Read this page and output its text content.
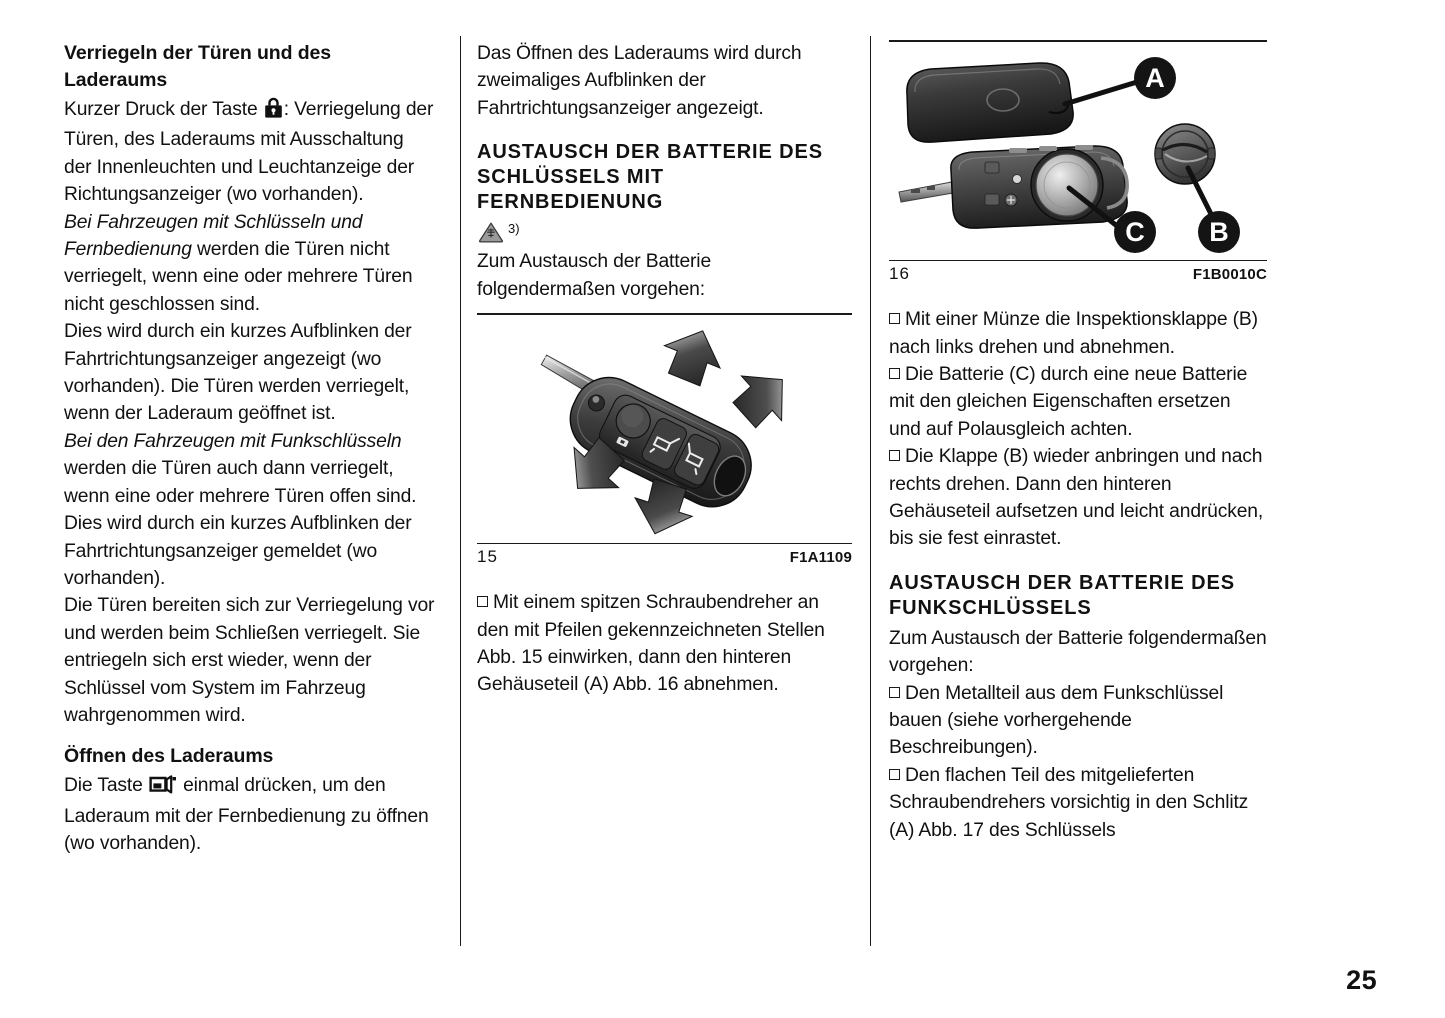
Verriegeln der Türen und des Laderaums

Kurzer Druck der Taste : Verriegelung der Türen, des Laderaums mit Ausschaltung der Innenleuchten und Leuchtanzeige der Richtungsanzeiger (wo vorhanden).

Bei Fahrzeugen mit Schlüsseln und Fernbedienung werden die Türen nicht verriegelt, wenn eine oder mehrere Türen nicht geschlossen sind.

Dies wird durch ein kurzes Aufblinken der Fahrtrichtungsanzeiger angezeigt (wo vorhanden). Die Türen werden verriegelt, wenn der Laderaum geöffnet ist.

Bei den Fahrzeugen mit Funkschlüsseln werden die Türen auch dann verriegelt, wenn eine oder mehrere Türen offen sind. Dies wird durch ein kurzes Aufblinken der Fahrtrichtungsanzeiger gemeldet (wo vorhanden).

Die Türen bereiten sich zur Verriegelung vor und werden beim Schließen verriegelt. Sie entriegeln sich erst wieder, wenn der Schlüssel vom System im Fahrzeug wahrgenommen wird.

Öffnen des Laderaums

Die Taste  einmal drücken, um den Laderaum mit der Fernbedienung zu öffnen (wo vorhanden).

Das Öffnen des Laderaums wird durch zweimaliges Aufblinken der Fahrtrichtungsanzeiger angezeigt.

AUSTAUSCH DER BATTERIE DES SCHLÜSSELS MIT FERNBEDIENUNG
3)

Zum Austausch der Batterie folgendermaßen vorgehen:

15	F1A1109

Mit einem spitzen Schraubendreher an den mit Pfeilen gekennzeichneten Stellen Abb. 15 einwirken, dann den hinteren Gehäuseteil (A) Abb. 16 abnehmen.

A
C B
16	F1B0010C

Mit einer Münze die Inspektionsklappe (B) nach links drehen und abnehmen.

Die Batterie (C) durch eine neue Batterie mit den gleichen Eigenschaften ersetzen und auf Polausgleich achten.

Die Klappe (B) wieder anbringen und nach rechts drehen. Dann den hinteren Gehäuseteil aufsetzen und leicht andrücken, bis sie fest einrastet.

AUSTAUSCH DER BATTERIE DES FUNKSCHLÜSSELS

Zum Austausch der Batterie folgendermaßen vorgehen:

Den Metallteil aus dem Funkschlüssel bauen (siehe vorhergehende Beschreibungen).

Den flachen Teil des mitgelieferten Schraubendrehers vorsichtig in den Schlitz (A) Abb. 17 des Schlüssels

25
